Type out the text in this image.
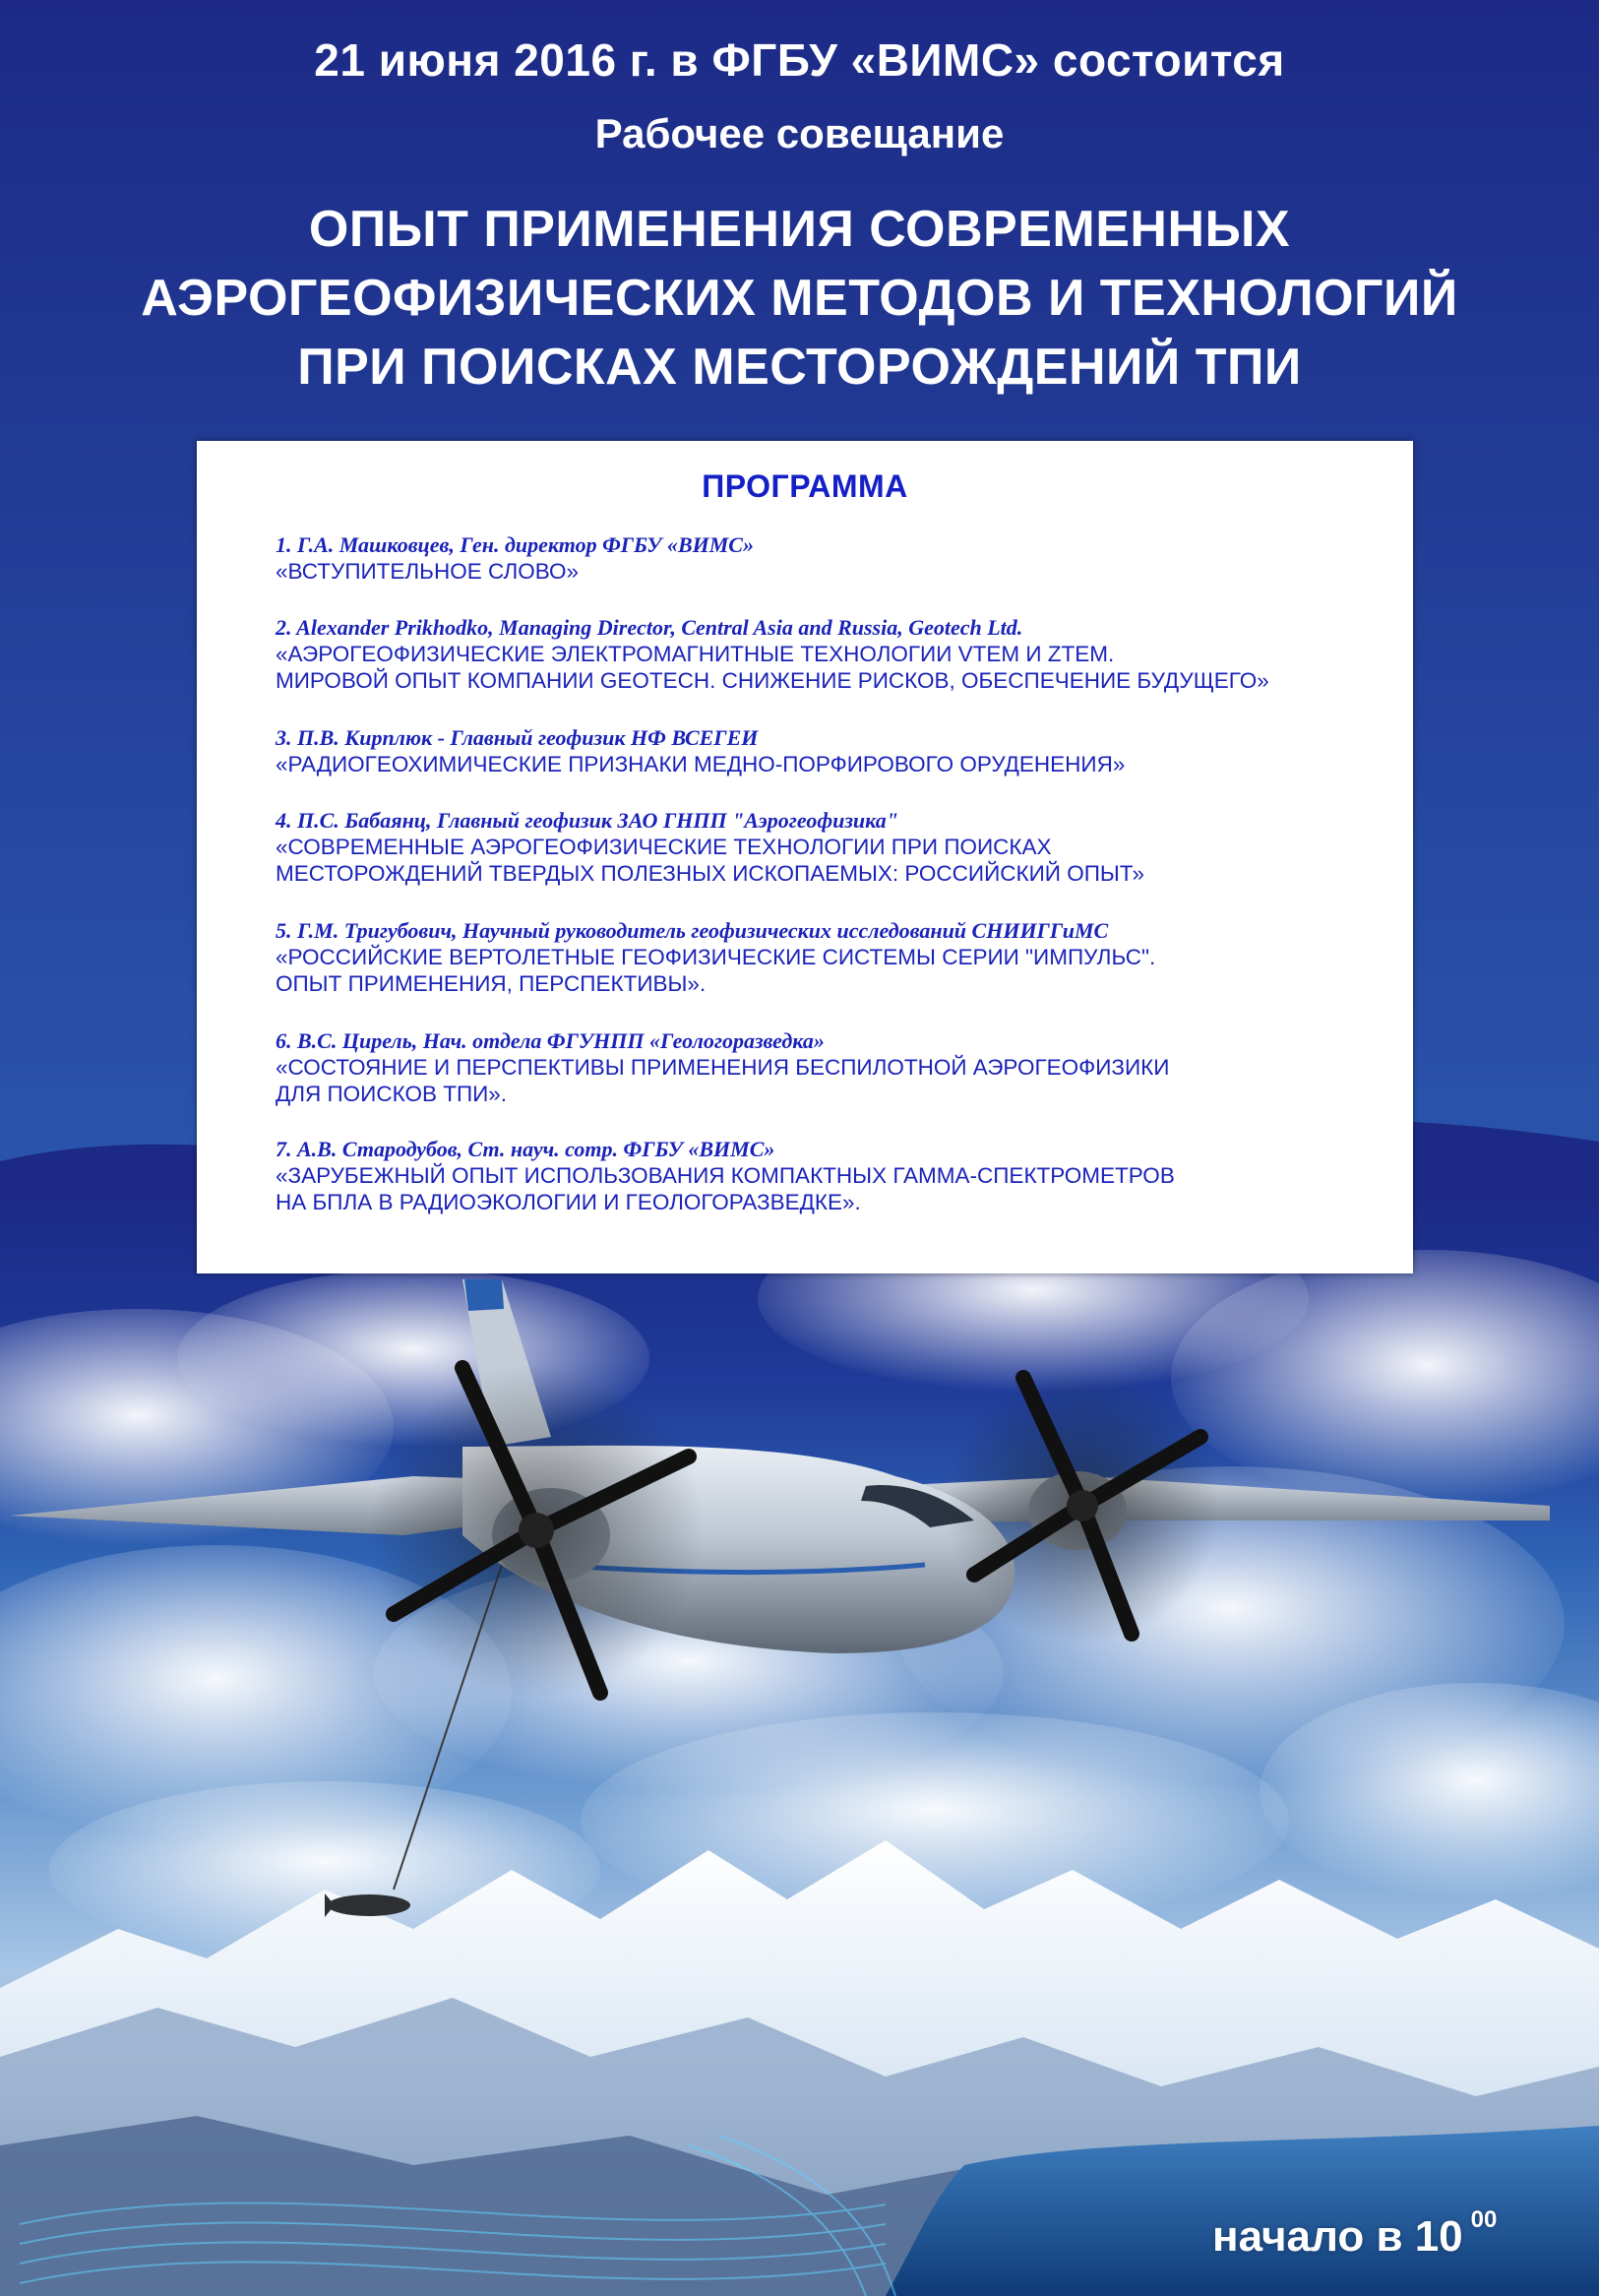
21 июня 2016 г. в ФГБУ «ВИМС» состоится
Рабочее совещание
ОПЫТ ПРИМЕНЕНИЯ СОВРЕМЕННЫХ
АЭРОГЕОФИЗИЧЕСКИХ МЕТОДОВ И ТЕХНОЛОГИЙ
ПРИ ПОИСКАХ МЕСТОРОЖДЕНИЙ ТПИ
ПРОГРАММА
1. Г.А. Машковцев, Ген. директор ФГБУ «ВИМС»
«ВСТУПИТЕЛЬНОЕ СЛОВО»
2. Alexander Prikhodko, Managing Director, Central Asia and Russia, Geotech Ltd.
«АЭРОГЕОФИЗИЧЕСКИЕ ЭЛЕКТРОМАГНИТНЫЕ ТЕХНОЛОГИИ VTEM И ZTEM.
МИРОВОЙ ОПЫТ КОМПАНИИ GEOTECH. СНИЖЕНИЕ РИСКОВ, ОБЕСПЕЧЕНИЕ БУДУЩЕГО»
3. П.В. Кирплюк - Главный геофизик НФ ВСЕГЕИ
«РАДИОГЕОХИМИЧЕСКИЕ ПРИЗНАКИ МЕДНО-ПОРФИРОВОГО ОРУДЕНЕНИЯ»
4. П.С. Бабаянц, Главный геофизик ЗАО ГНПП "Аэрогеофизика"
«СОВРЕМЕННЫЕ АЭРОГЕОФИЗИЧЕСКИЕ ТЕХНОЛОГИИ ПРИ ПОИСКАХ
МЕСТОРОЖДЕНИЙ ТВЕРДЫХ ПОЛЕЗНЫХ ИСКОПАЕМЫХ: РОССИЙСКИЙ ОПЫТ»
5. Г.М. Тригубович, Научный руководитель геофизических исследований СНИИГГиМС
«РОССИЙСКИЕ ВЕРТОЛЕТНЫЕ ГЕОФИЗИЧЕСКИЕ СИСТЕМЫ СЕРИИ "ИМПУЛЬС".
ОПЫТ ПРИМЕНЕНИЯ, ПЕРСПЕКТИВЫ».
6. В.С. Цирель, Нач. отдела ФГУНПП «Геологоразведка»
«СОСТОЯНИЕ И ПЕРСПЕКТИВЫ ПРИМЕНЕНИЯ БЕСПИЛОТНОЙ АЭРОГЕОФИЗИКИ
ДЛЯ ПОИСКОВ ТПИ».
7. А.В. Стародубов, Ст. науч. сотр. ФГБУ «ВИМС»
«ЗАРУБЕЖНЫЙ ОПЫТ ИСПОЛЬЗОВАНИЯ КОМПАКТНЫХ ГАММА-СПЕКТРОМЕТРОВ
НА БПЛА В РАДИОЭКОЛОГИИ И ГЕОЛОГОРАЗВЕДКЕ».
начало в 10 $^{00}$
